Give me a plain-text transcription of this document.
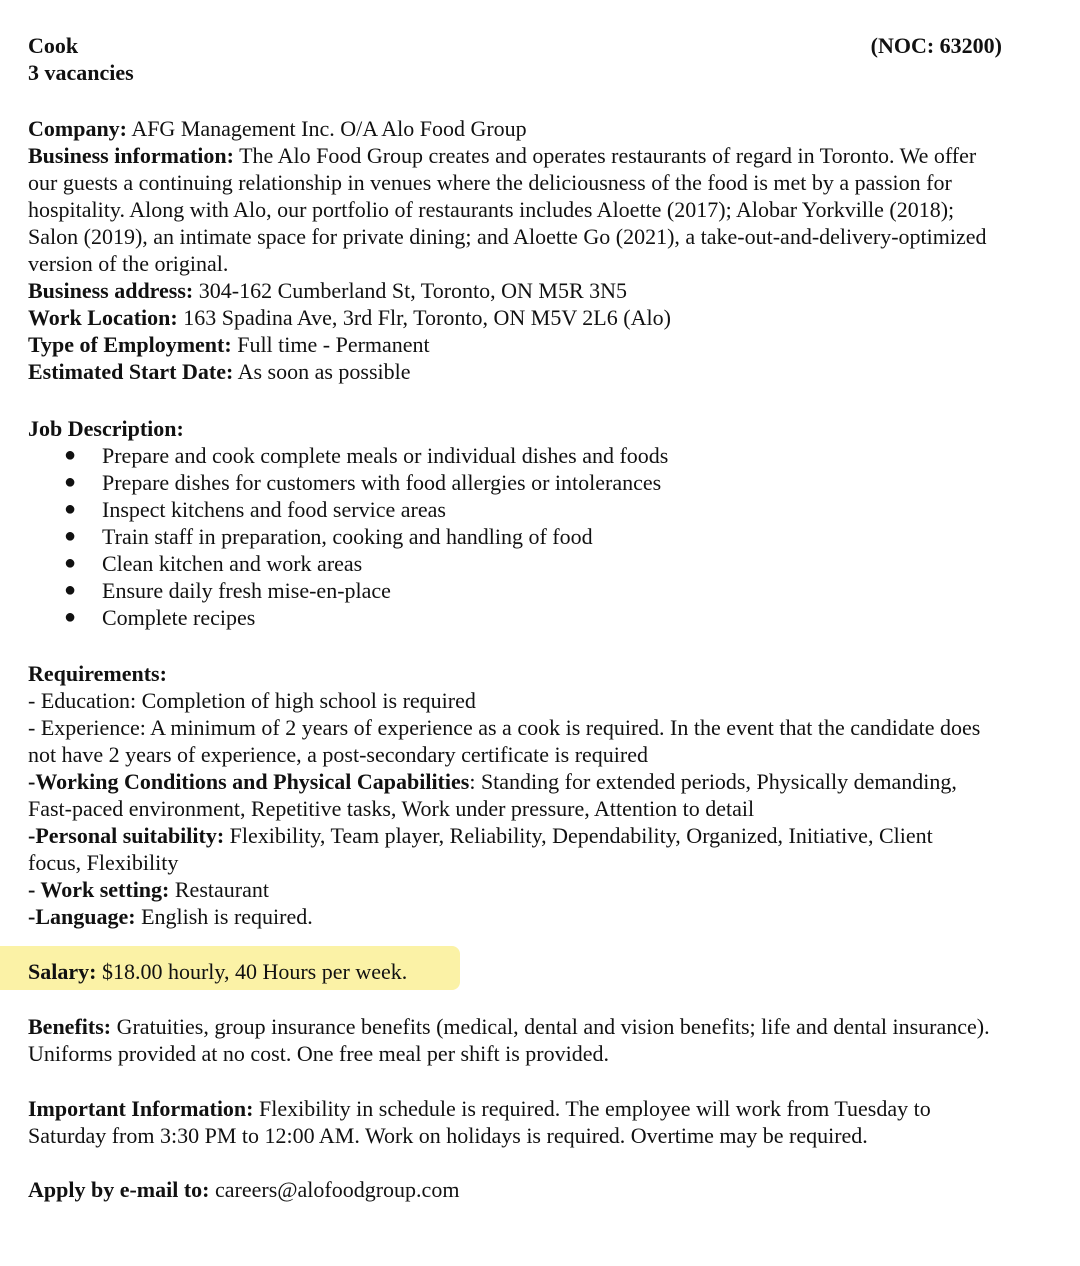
Cook
3 vacancies
(NOC: 63200)
Company: AFG Management Inc. O/A Alo Food Group
Business information: The Alo Food Group creates and operates restaurants of regard in Toronto. We offer
our guests a continuing relationship in venues where the deliciousness of the food is met by a passion for
hospitality. Along with Alo, our portfolio of restaurants includes Aloette (2017); Alobar Yorkville (2018);
Salon (2019), an intimate space for private dining; and Aloette Go (2021), a take-out-and-delivery-optimized
version of the original.
Business address: 304-162 Cumberland St, Toronto, ON M5R 3N5
Work Location: 163 Spadina Ave, 3rd Flr, Toronto, ON M5V 2L6 (Alo)
Type of Employment: Full time - Permanent
Estimated Start Date: As soon as possible
Job Description:
● Prepare and cook complete meals or individual dishes and foods
● Prepare dishes for customers with food allergies or intolerances
● Inspect kitchens and food service areas
● Train staff in preparation, cooking and handling of food
● Clean kitchen and work areas
● Ensure daily fresh mise-en-place
● Complete recipes
Requirements:
- Education: Completion of high school is required
- Experience: A minimum of 2 years of experience as a cook is required. In the event that the candidate does
not have 2 years of experience, a post-secondary certificate is required
-Working Conditions and Physical Capabilities: Standing for extended periods, Physically demanding,
Fast-paced environment, Repetitive tasks, Work under pressure, Attention to detail
-Personal suitability: Flexibility, Team player, Reliability, Dependability, Organized, Initiative, Client
focus, Flexibility
- Work setting: Restaurant
-Language: English is required.
Salary: $18.00 hourly, 40 Hours per week.
Benefits: Gratuities, group insurance benefits (medical, dental and vision benefits; life and dental insurance).
Uniforms provided at no cost. One free meal per shift is provided.
Important Information: Flexibility in schedule is required. The employee will work from Tuesday to
Saturday from 3:30 PM to 12:00 AM. Work on holidays is required. Overtime may be required.
Apply by e-mail to: careers@alofoodgroup.com
